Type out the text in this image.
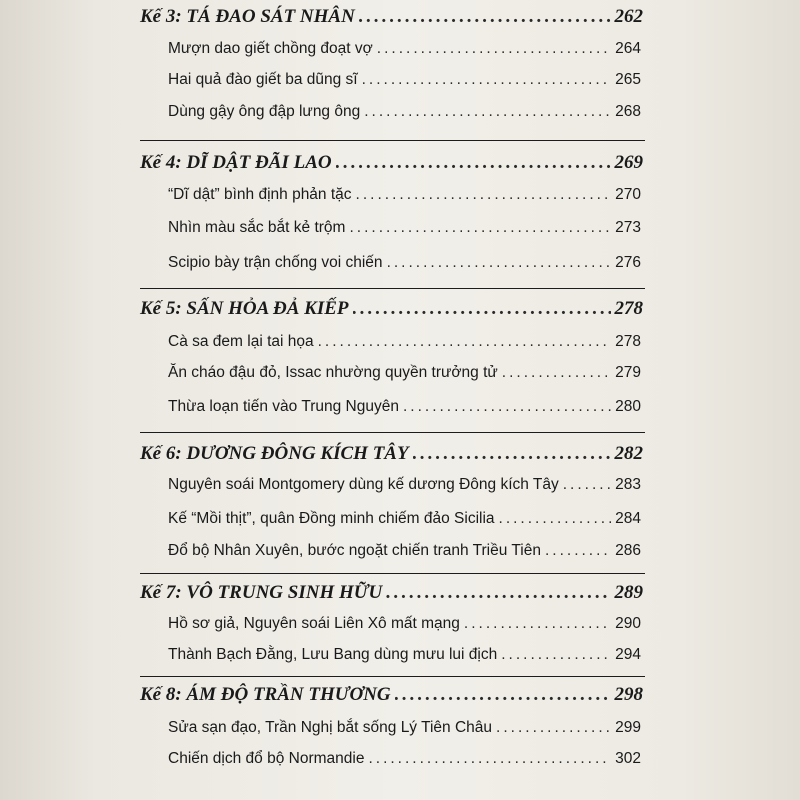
Kế 3: TÁ ĐAO SÁT NHÂN .....	262
Mượn dao giết chồng đoạt vợ .....	264
Hai quả đào giết ba dũng sĩ .....	265
Dùng gậy ông đập lưng ông .....	268
Kế 4: DĨ DẬT ĐÃI LAO .....	269
“Dĩ dật” bình định phản tặc .....	270
Nhìn màu sắc bắt kẻ trộm .....	273
Scipio bày trận chống voi chiến .....	276
Kế 5: SẤN HỎA ĐẢ KIẾP .....	278
Cà sa đem lại tai họa .....	278
Ăn cháo đậu đỏ, Issac nhường quyền trưởng tử .....	279
Thừa loạn tiến vào Trung Nguyên .....	280
Kế 6: DƯƠNG ĐÔNG KÍCH TÂY .....	282
Nguyên soái Montgomery dùng kế dương Đông kích Tây .....	283
Kế “Mồi thịt”, quân Đồng minh chiếm đảo Sicilia .....	284
Đổ bộ Nhân Xuyên, bước ngoặt chiến tranh Triều Tiên .....	286
Kế 7: VÔ TRUNG SINH HỮU .....	289
Hồ sơ giả, Nguyên soái Liên Xô mất mạng .....	290
Thành Bạch Đằng, Lưu Bang dùng mưu lui địch .....	294
Kế 8: ÁM ĐỘ TRẦN THƯƠNG .....	298
Sửa sạn đạo, Trần Nghị bắt sống Lý Tiên Châu .....	299
Chiến dịch đổ bộ Normandie .....	302
